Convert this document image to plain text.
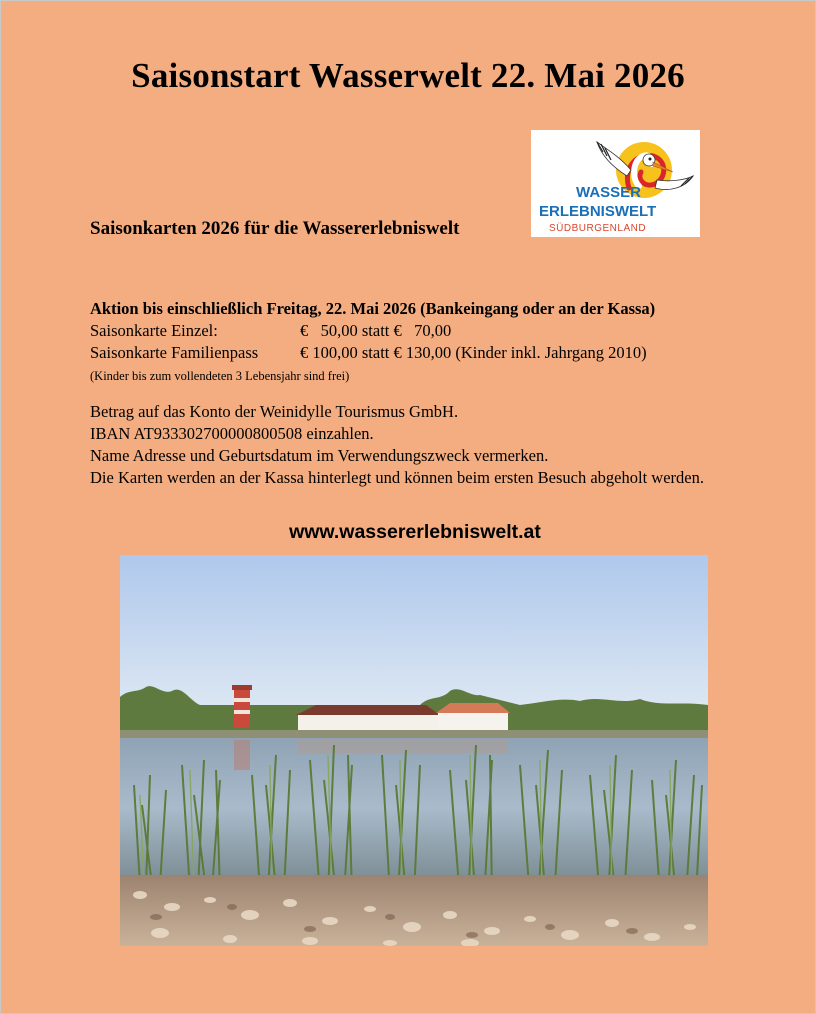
Saisonstart Wasserwelt 22. Mai 2026
WASSER
ERLEBNISWELT
SÜDBURGENLAND
Saisonkarten 2026 für die Wassererlebniswelt
Aktion bis einschließlich Freitag, 22. Mai 2026 (Bankeingang oder an der Kassa)
Saisonkarte Einzel:	€   50,00 statt €   70,00
Saisonkarte Familienpass	€ 100,00 statt € 130,00 (Kinder inkl. Jahrgang 2010)
(Kinder bis zum vollendeten 3 Lebensjahr sind frei)

Betrag auf das Konto der Weinidylle Tourismus GmbH.

IBAN AT933302700000800508 einzahlen.

Name Adresse und Geburtsdatum im Verwendungszweck vermerken.

Die Karten werden an der Kassa hinterlegt und können beim ersten Besuch abgeholt werden.

www.wassererlebniswelt.at
